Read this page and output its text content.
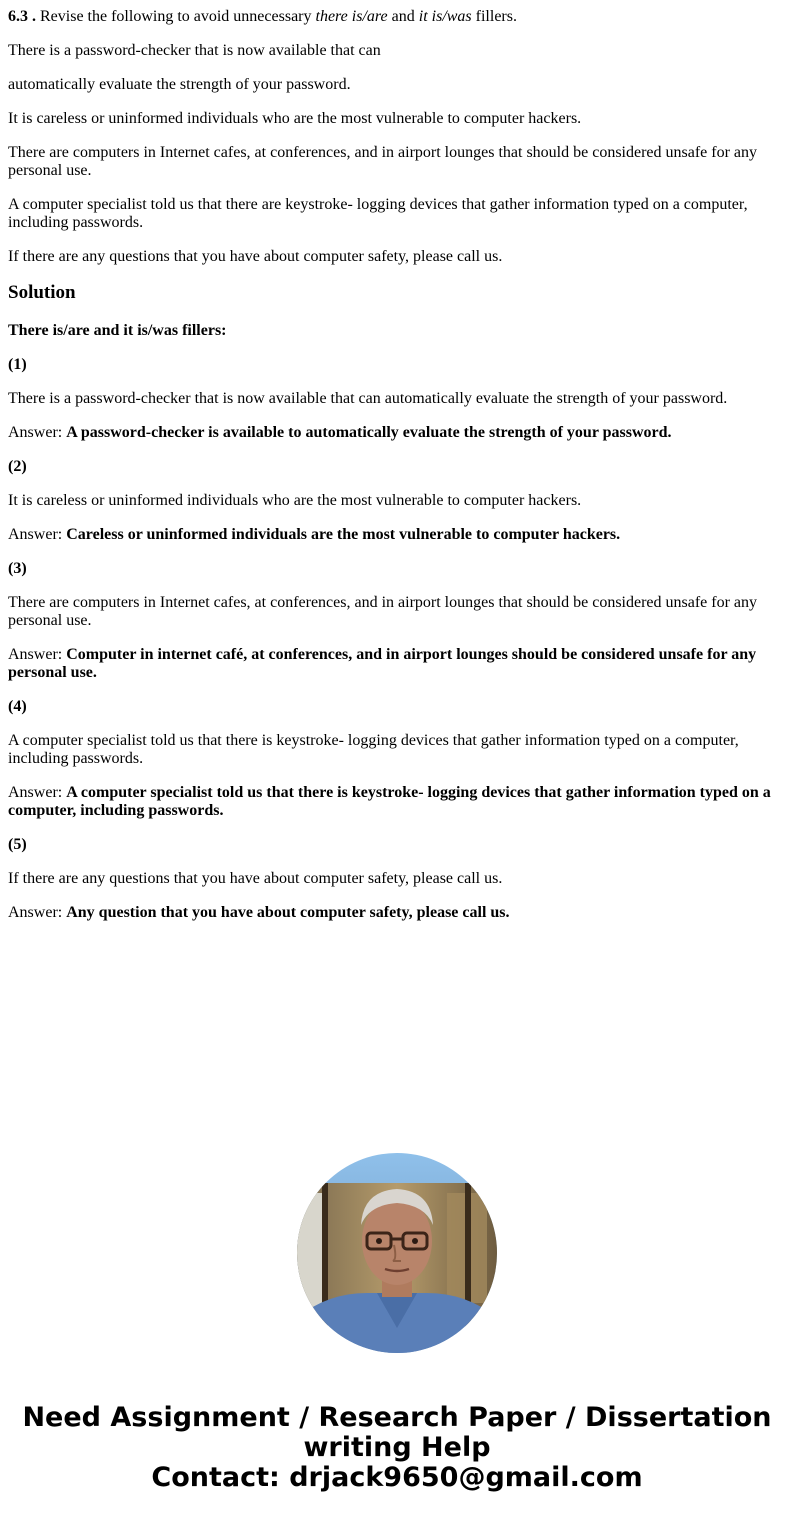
6.3 . Revise the following to avoid unnecessary there is/are and it is/was fillers.

There is a password-checker that is now available that can

automatically evaluate the strength of your password.

It is careless or uninformed individuals who are the most vulnerable to computer hackers.

There are computers in Internet cafes, at conferences, and in airport lounges that should be considered unsafe for any personal use.

A computer specialist told us that there are keystroke- logging devices that gather information typed on a computer, including passwords.

If there are any questions that you have about computer safety, please call us.

Solution

There is/are and it is/was fillers:

(1)

There is a password-checker that is now available that can automatically evaluate the strength of your password.

Answer: A password-checker is available to automatically evaluate the strength of your password.

(2)

It is careless or uninformed individuals who are the most vulnerable to computer hackers.

Answer: Careless or uninformed individuals are the most vulnerable to computer hackers.

(3)

There are computers in Internet cafes, at conferences, and in airport lounges that should be considered unsafe for any personal use.

Answer: Computer in internet café, at conferences, and in airport lounges should be considered unsafe for any personal use.

(4)

A computer specialist told us that there is keystroke- logging devices that gather information typed on a computer, including passwords.

Answer: A computer specialist told us that there is keystroke- logging devices that gather information typed on a computer, including passwords.

(5)

If there are any questions that you have about computer safety, please call us.

Answer: Any question that you have about computer safety, please call us.

Need Assignment / Research Paper / Dissertation
writing Help
Contact: drjack9650@gmail.com
